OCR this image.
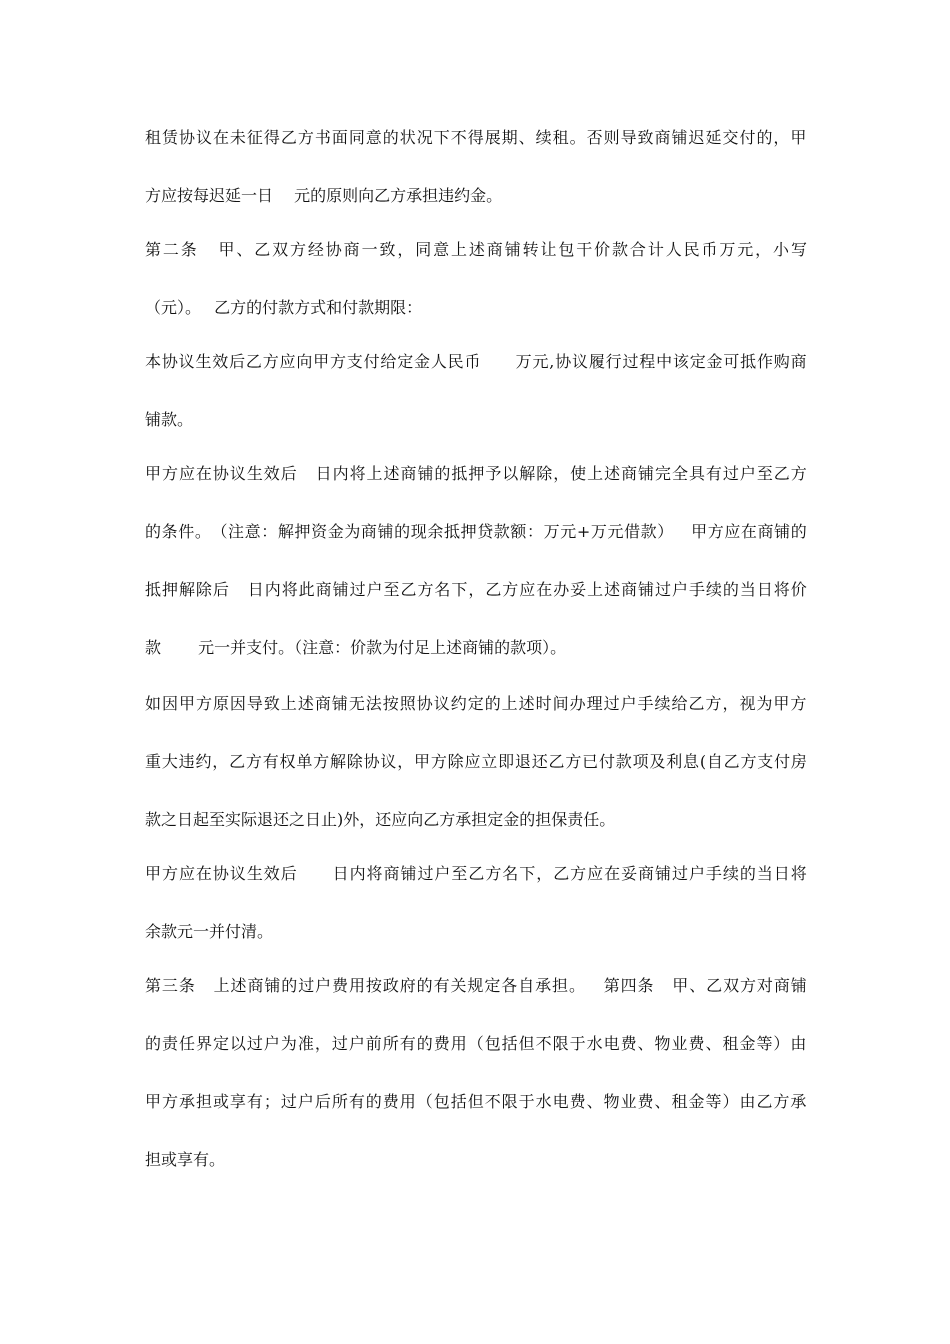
租 赁 协 议 在 未 征 得 乙 方 书 面 同 意 的 状 况 下 不 得 展 期 、 续 租 。 否 则 导 致 商 铺 迟 延 交 付 的 ， 甲
方应按每迟延一日　 元的原则向乙方承担违约金。
第 二 条
　 甲 、 乙 双 方 经 协 商 一 致 ， 同 意 上 述 商 铺 转 让 包 干 价 款 合 计 人 民 币 万 元 ， 小 写
（元）。　 乙方的付款方式和付款期限：
本 协 议 生 效 后 乙 方 应 向 甲 方 支 付 给 定 金 人 民 币

　 万 元 , 协 议 履 行 过 程 中 该 定 金 可 抵 作 购 商
铺款。
甲 方 应 在 协 议 生 效 后
　 日 内 将 上 述 商 铺 的 抵 押 予 以 解 除 ， 使 上 述 商 铺 完 全 具 有 过 户 至 乙 方
的 条 件 。 （ 注 意 ： 解 押 资 金 为 商 铺 的 现 余 抵 押 贷 款 额 ： 万 元 + 万 元 借 款 ）
　 甲 方 应 在 商 铺 的
抵 押 解 除 后
　 日 内 将 此 商 铺 过 户 至 乙 方 名 下 ， 乙 方 应 在 办 妥 上 述 商 铺 过 户 手 续 的 当 日 将 价
款　　 元一并支付。（注意：价款为付足上述商铺的款项）。
如 因 甲 方 原 因 导 致 上 述 商 铺 无 法 按 照 协 议 约 定 的 上 述 时 间 办 理 过 户 手 续 给 乙 方 ， 视 为 甲 方
重 大 违 约 ， 乙 方 有 权 单 方 解 除 协 议 ， 甲 方 除 应 立 即 退 还 乙 方 已 付 款 项 及 利 息 ( 自 乙 方 支 付 房
款之日起至实际退还之日止)外，还应向乙方承担定金的担保责任。
甲 方 应 在 协 议 生 效 后

　 日 内 将 商 铺 过 户 至 乙 方 名 下 ， 乙 方 应 在 妥 商 铺 过 户 手 续 的 当 日 将
余款元一并付清。
第 三 条
　 上 述 商 铺 的 过 户 费 用 按 政 府 的 有 关 规 定 各 自 承 担 。
　 第 四 条
　 甲 、 乙 双 方 对 商 铺
的 责 任 界 定 以 过 户 为 准 ， 过 户 前 所 有 的 费 用 （ 包 括 但 不 限 于 水 电 费 、 物 业 费 、 租 金 等 ） 由
甲 方 承 担 或 享 有 ； 过 户 后 所 有 的 费 用 （ 包 括 但 不 限 于 水 电 费 、 物 业 费 、 租 金 等 ） 由 乙 方 承
担或享有。
